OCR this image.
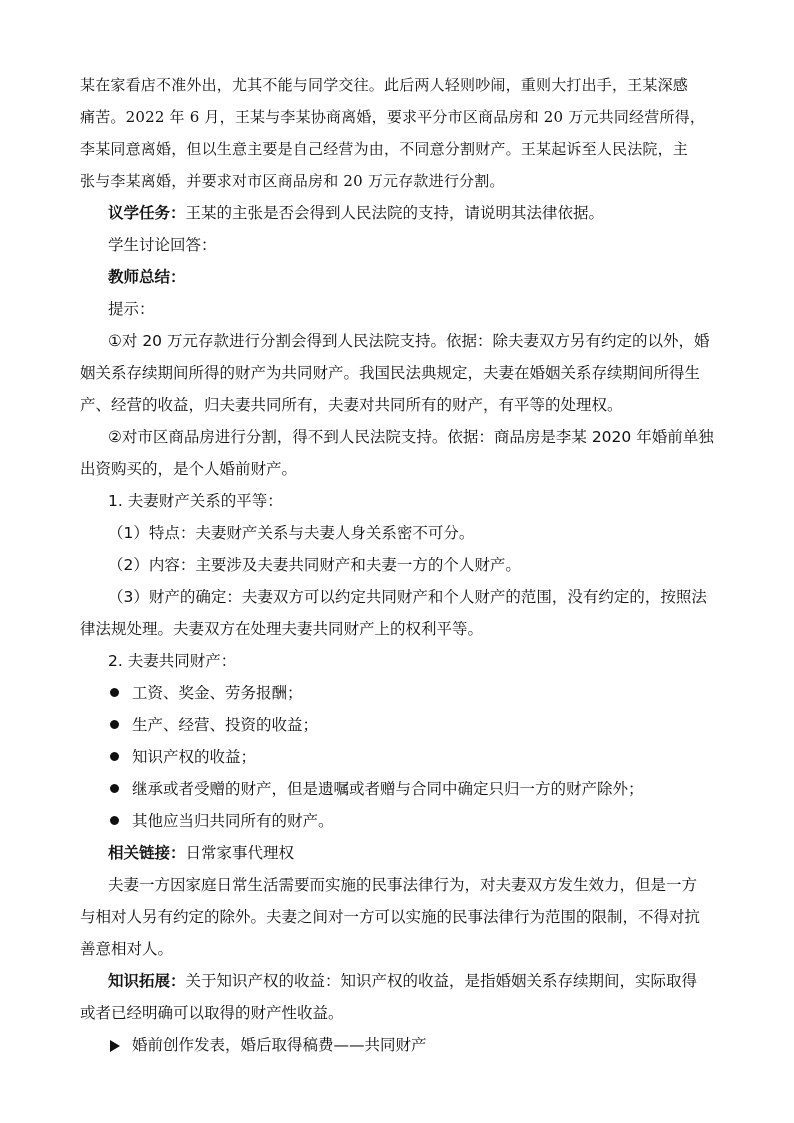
某在家看店不准外出，尤其不能与同学交往。此后两人轻则吵闹，重则大打出手，王某深感
痛苦。2022 年 6 月，王某与李某协商离婚，要求平分市区商品房和 20 万元共同经营所得，
李某同意离婚，但以生意主要是自己经营为由，不同意分割财产。王某起诉至人民法院，主
张与李某离婚，并要求对市区商品房和 20 万元存款进行分割。
议学任务：王某的主张是否会得到人民法院的支持，请说明其法律依据。
学生讨论回答：
教师总结：
提示：
①对 20 万元存款进行分割会得到人民法院支持。依据：除夫妻双方另有约定的以外，婚
姻关系存续期间所得的财产为共同财产。我国民法典规定，夫妻在婚姻关系存续期间所得生
产、经营的收益，归夫妻共同所有，夫妻对共同所有的财产，有平等的处理权。
②对市区商品房进行分割，得不到人民法院支持。依据：商品房是李某 2020 年婚前单独
出资购买的，是个人婚前财产。
1. 夫妻财产关系的平等：
（1）特点：夫妻财产关系与夫妻人身关系密不可分。
（2）内容：主要涉及夫妻共同财产和夫妻一方的个人财产。
（3）财产的确定：夫妻双方可以约定共同财产和个人财产的范围，没有约定的，按照法
律法规处理。夫妻双方在处理夫妻共同财产上的权利平等。
2. 夫妻共同财产：
工资、奖金、劳务报酬；
生产、经营、投资的收益；
知识产权的收益；
继承或者受赠的财产，但是遗嘱或者赠与合同中确定只归一方的财产除外；
其他应当归共同所有的财产。
相关链接：日常家事代理权
夫妻一方因家庭日常生活需要而实施的民事法律行为，对夫妻双方发生效力，但是一方
与相对人另有约定的除外。夫妻之间对一方可以实施的民事法律行为范围的限制，不得对抗
善意相对人。
知识拓展：关于知识产权的收益：知识产权的收益，是指婚姻关系存续期间，实际取得
或者已经明确可以取得的财产性收益。
婚前创作发表，婚后取得稿费——共同财产
